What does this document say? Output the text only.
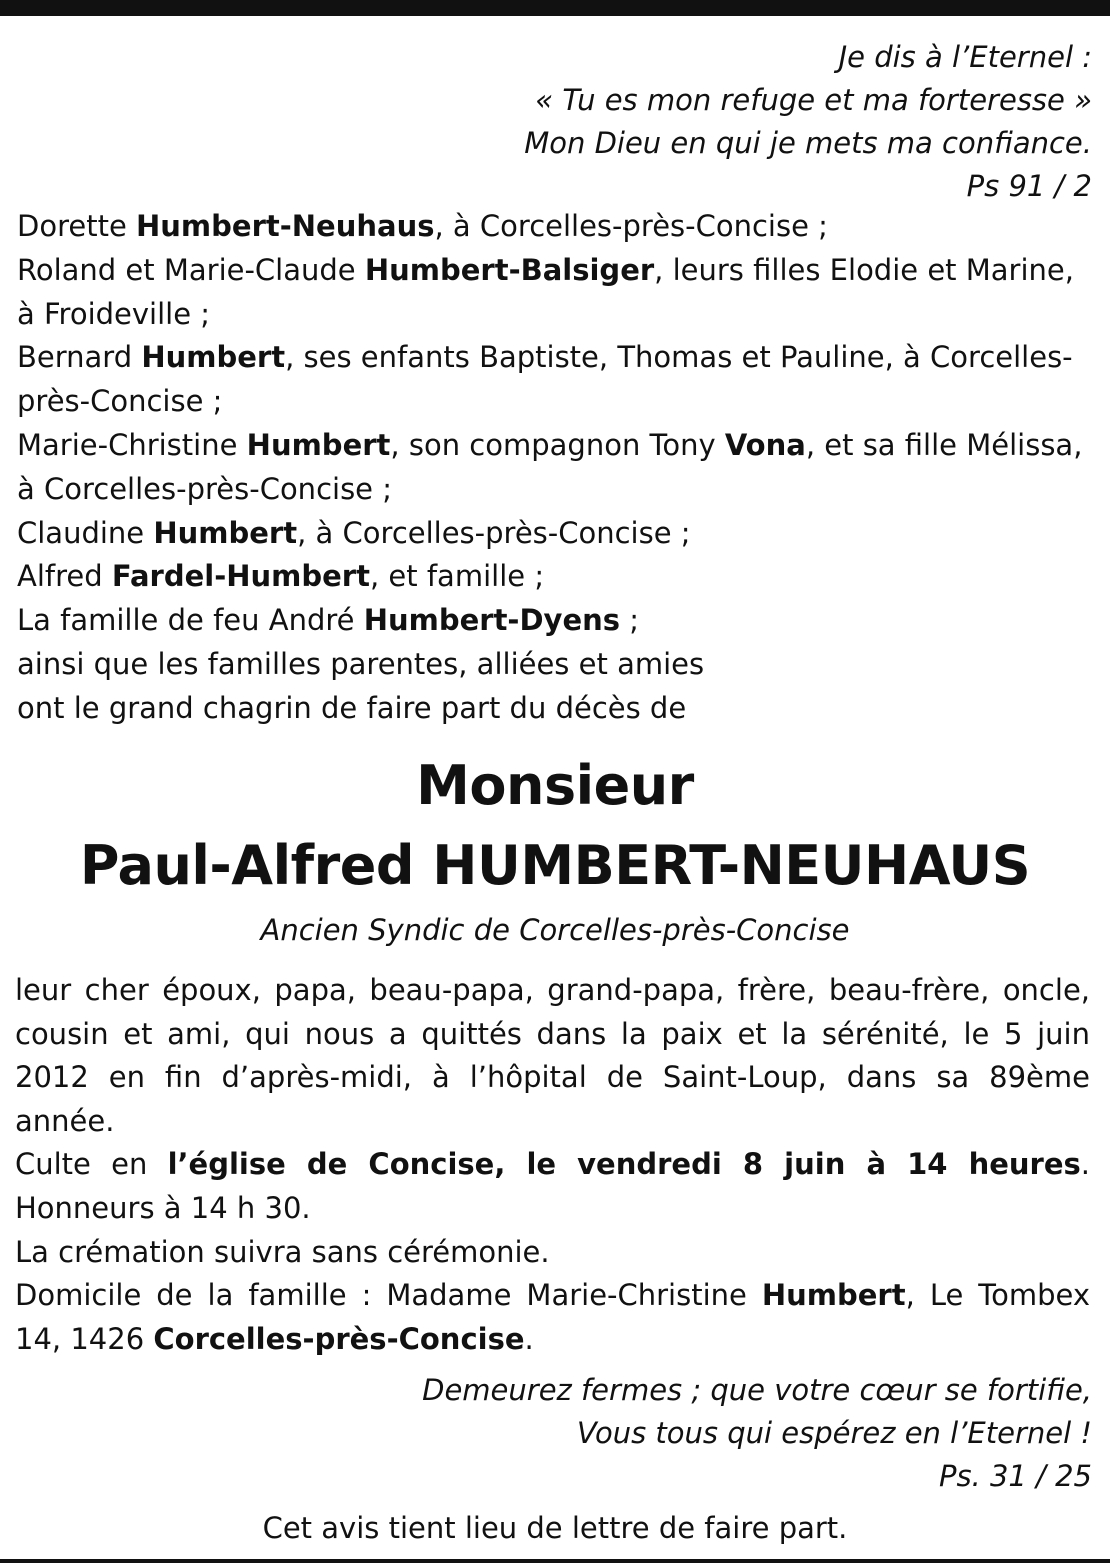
Je dis à l’Eternel :
« Tu es mon refuge et ma forteresse »
Mon Dieu en qui je mets ma confiance.
Ps 91 / 2
Dorette Humbert-Neuhaus, à Corcelles-près-Concise ;
Roland et Marie-Claude Humbert-Balsiger, leurs filles Elodie et Marine,
à Froideville ;
Bernard Humbert, ses enfants Baptiste, Thomas et Pauline, à Corcelles-
près-Concise ;
Marie-Christine Humbert, son compagnon Tony Vona, et sa fille Mélissa,
à Corcelles-près-Concise ;
Claudine Humbert, à Corcelles-près-Concise ;
Alfred Fardel-Humbert, et famille ;
La famille de feu André Humbert-Dyens ;
ainsi que les familles parentes, alliées et amies
ont le grand chagrin de faire part du décès de
Monsieur
Paul-Alfred HUMBERT-NEUHAUS
Ancien Syndic de Corcelles-près-Concise

leur cher époux, papa, beau-papa, grand-papa, frère, beau-frère, oncle, cousin et ami, qui nous a quittés dans la paix et la sérénité, le 5 juin 2012 en fin d’après-midi, à l’hôpital de Saint-Loup, dans sa 89ème année.

Culte en l’église de Concise, le vendredi 8 juin à 14 heures. Honneurs à 14 h 30.

La crémation suivra sans cérémonie.

Domicile de la famille : Madame Marie-Christine Humbert, Le Tombex 14, 1426 Corcelles-près-Concise.

Demeurez fermes ; que votre cœur se fortifie,
Vous tous qui espérez en l’Eternel !
Ps. 31 / 25
Cet avis tient lieu de lettre de faire part.
